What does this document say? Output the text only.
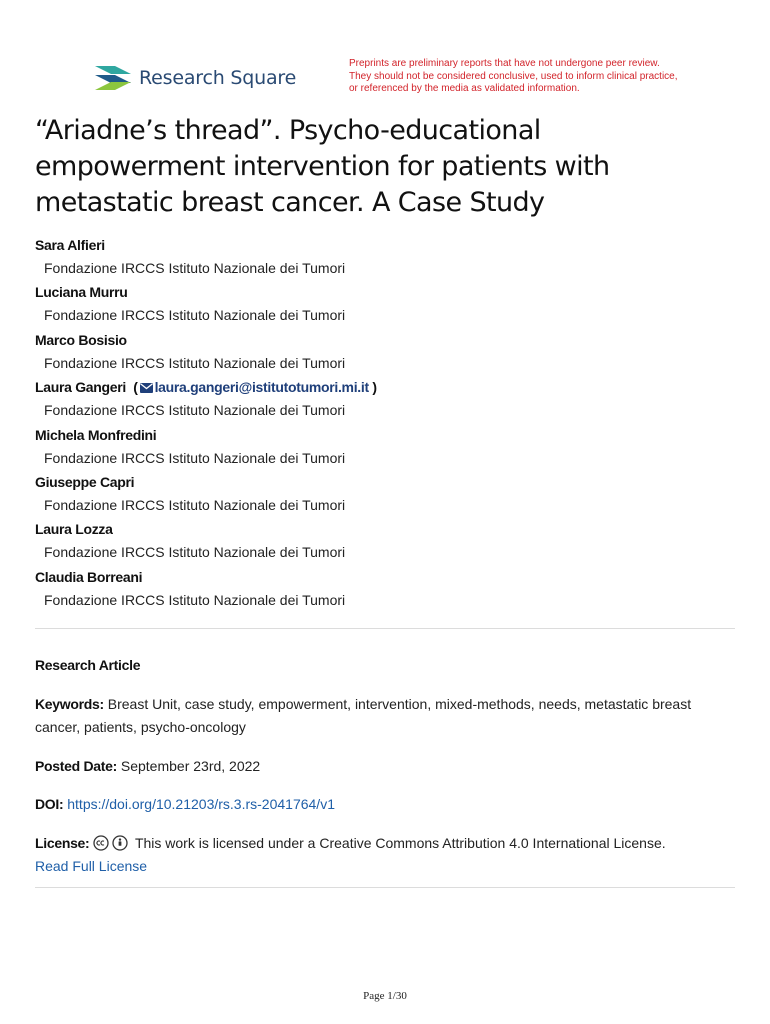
Research Square
Preprints are preliminary reports that have not undergone peer review.
They should not be considered conclusive, used to inform clinical practice,
or referenced by the media as validated information.
“Ariadne’s thread”. Psycho-educational
empowerment intervention for patients with
metastatic breast cancer. A Case Study
Sara Alfieri
Fondazione IRCCS Istituto Nazionale dei Tumori
Luciana Murru
Fondazione IRCCS Istituto Nazionale dei Tumori
Marco Bosisio
Fondazione IRCCS Istituto Nazionale dei Tumori
Laura Gangeri  ( laura.gangeri@istitutotumori.mi.it )
Fondazione IRCCS Istituto Nazionale dei Tumori
Michela Monfredini
Fondazione IRCCS Istituto Nazionale dei Tumori
Giuseppe Capri
Fondazione IRCCS Istituto Nazionale dei Tumori
Laura Lozza
Fondazione IRCCS Istituto Nazionale dei Tumori
Claudia Borreani
Fondazione IRCCS Istituto Nazionale dei Tumori
Research Article
Keywords: Breast Unit, case study, empowerment, intervention, mixed-methods, needs, metastatic breast
cancer, patients, psycho-oncology
Posted Date: September 23rd, 2022
DOI: https://doi.org/10.21203/rs.3.rs-2041764/v1
License:	This work is licensed under a Creative Commons Attribution 4.0 International License.
Read Full License
Page 1/30
